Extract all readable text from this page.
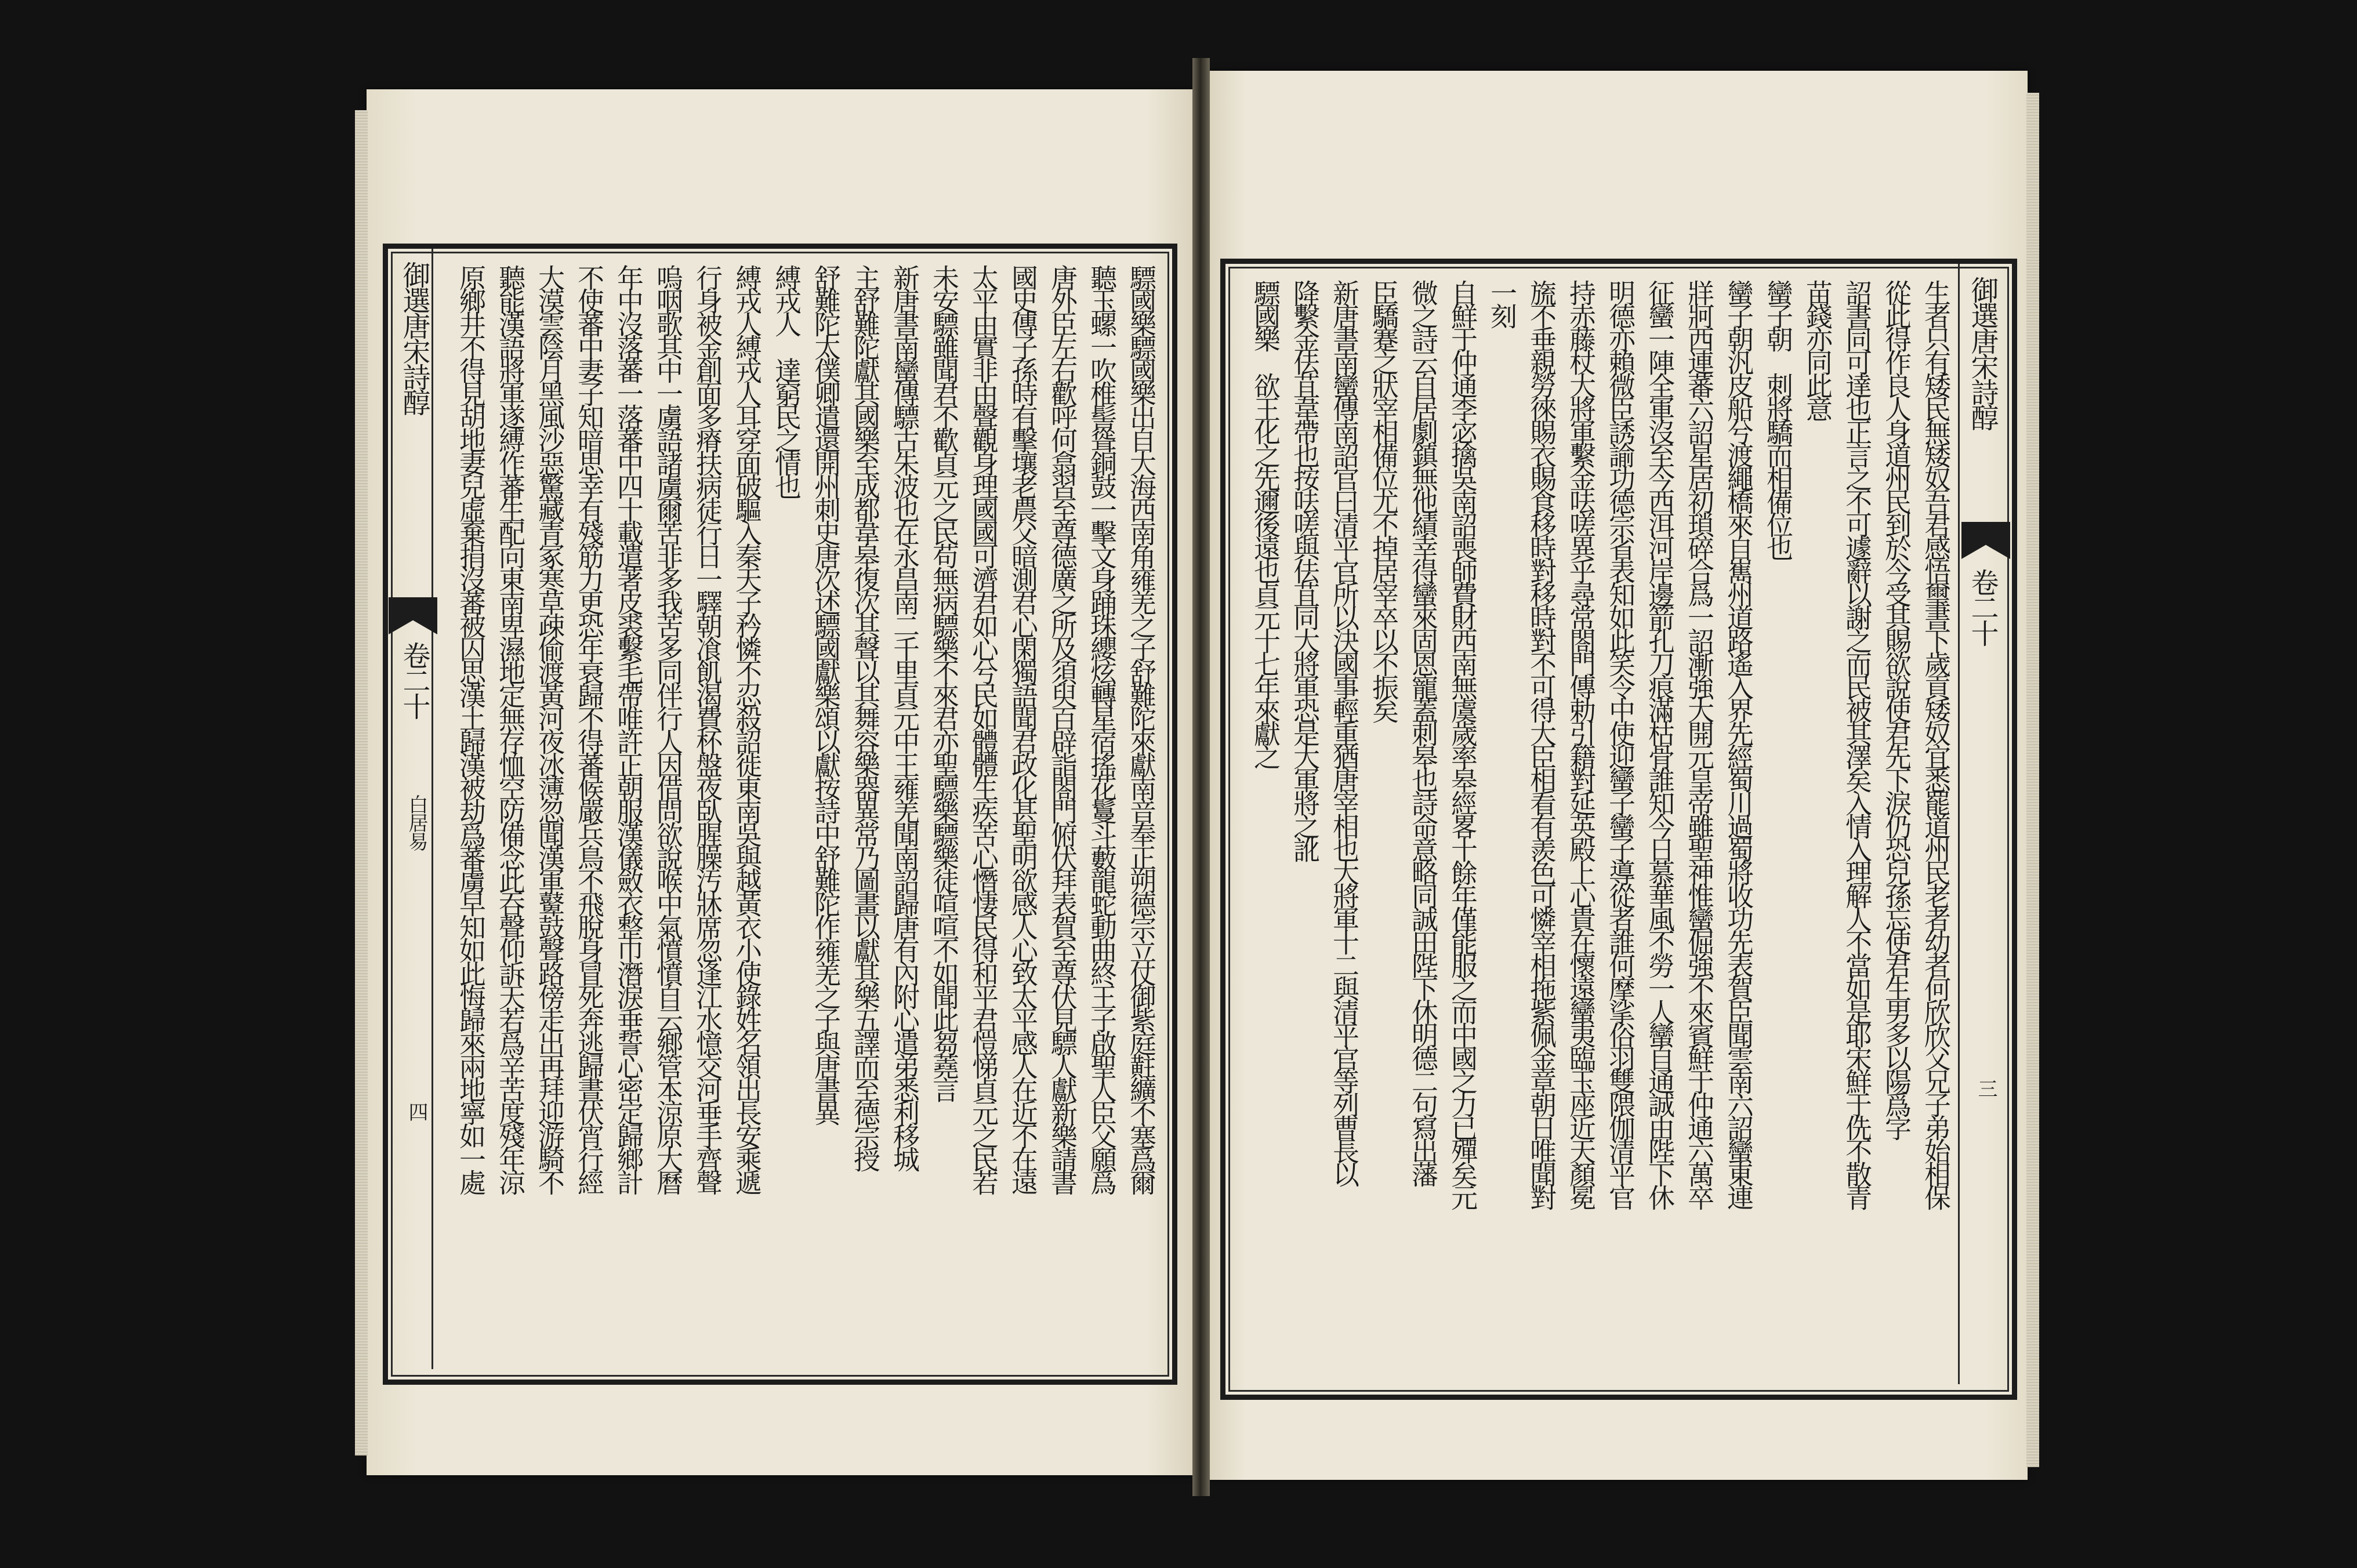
驃國樂驃國樂出自大海西南角雍羌之子舒難陀來獻南音奉正朔德宗立仗御紫庭黈纊不塞爲爾
聽玉螺一吹椎髻聳銅鼓一擊文身踊珠纓炫轉星宿搖花鬘斗藪龍蛇動曲終王子啟聖人臣父願爲
唐外臣左右歡呼何翕習至尊德廣之所及須臾百辟詣閤門俯伏拜表賀至尊伏見驃人獻新樂請書
國史傳子孫時有擊壤老農父暗測君心閑獨語聞君政化甚聖明欲感人心致太平感人在近不在遠
太平由實非由聲觀身理國國可濟君如心兮民如體體生疾苦心憯悽民得和平君愷悌貞元之民若
未安驃雖聞君不歡貞元之民苟無病驃樂不來君亦聖驃樂驃樂徒喧喧不如聞此芻蕘言
新唐書南蠻傳驃古朱波也在永昌南二千里貞元中王雍羌聞南詔歸唐有內附心遣弟悉利移城
主舒難陀獻其國樂至成都韋皋復次其聲以其舞容樂器異常乃圖畫以獻其樂五譯而至德宗授
舒難陀太僕卿遣還開州刺史唐次述驃國獻樂頌以獻按詩中舒難陀作雍羌之子與唐書異
縛戎人　達窮民之情也
縛戎人縛戎人耳穿面破驅入秦天子矜憐不忍殺詔徙東南吳與越黃衣小使錄姓名領出長安乘遞
行身被金創面多瘠扶病徒行日一驛朝飡飢渴費杯盤夜臥腥臊汚牀席忽逢江水憶交河垂手齊聲
嗚咽歌其中一虜語諸虜爾苦非多我苦多同伴行人因借問欲說喉中氣憤憤自云鄉管本涼原大曆
年中沒落蕃一落蕃中四十載遣著皮裘繫毛帶唯許正朝服漢儀斂衣整巾潛淚垂誓心密定歸鄉計
不使蕃中妻子知暗思幸有殘筋力更恐年衰歸不得蕃候嚴兵鳥不飛脫身冒死奔逃歸晝伏宵行經
大漠雲陰月黑風沙惡驚藏青冢寒草疎偷渡黃河夜冰薄忽聞漢軍鼙鼓聲路傍走出再拜迎游騎不
聽能漢語將軍遂縛作蕃生配向東南卑濕地定無存恤空防備念此吞聲仰訴天若爲辛苦度殘年涼
原鄉井不得見胡地妻兒虛棄捐沒蕃被囚思漢土歸漢被劫爲蕃虜早知如此悔歸來兩地寧如一處
御選唐宋詩醇
卷二十
白居易
四	生者只有矮民無矮奴吾君感悟璽書下歲貢矮奴宜悉罷道州民老者幼者何欣欣父兄子弟始相保
從此得作良人身道州民到於今受其賜欲說使君先下淚仍恐兒孫忘使君生男多以陽爲字
詔書同可達也正言之不可遽辭以謝之而民被其澤矣入情入理解人不當如是耶宋鮮于侁不散青
苗錢亦同此意
蠻子朝　刺將驕而相備位也
蠻子朝汎皮船兮渡繩橋來自嶲州道路遙入界先經蜀川過蜀將收功先表賀臣聞雲南六詔蠻東連
牂牁西連蕃六詔星居初瑣碎合爲一詔漸強大開元皇帝雖聖神惟蠻倔強不來賓鮮于仲通六萬卒
征蠻一陣全軍沒至今西洱河岸邊箭孔刀痕滿枯骨誰知今日慕華風不勞一人蠻自通誠由陛下休
明德亦賴微臣誘諭功德宗省表知如此笑令中使迎蠻子蠻子導從者誰何摩挲俗羽雙隈伽清平官
持赤藤杖大將軍繫金呿嗟異乎尋常閤門傳勅引籍對延英殿上心貴在懷遠蠻夷臨玉座近天顏冕
旒不垂親勞徠賜衣賜食移時對移時對不可得大臣相看有羨色可憐宰相拖紫佩金章朝日唯聞對
一刻
自鮮于仲通李宓擒吳南詔喪師費財西南無虞歲率皋經畧十餘年僅能服之而中國之力已殫矣元
微之詩云自居劇鎮無他績幸得蠻來固恩寵蓋刺皋也詩命意略同誠田陛下休明德二句寫出藩
臣驕蹇之狀宰相備位尤不掉居宰卒以不振矣
新唐書南蠻傳南詔官曰清平官所以決國事輕重猶唐宰相也大將軍十二與清平官等列曹長以
降繫金佉苴韋帶也按呿嗟與佉苴同大將軍恐是大軍將之訛
驃國樂　欲王化之先邇後遠也貞元十七年來獻之	御選唐宋詩醇
卷二十
三
